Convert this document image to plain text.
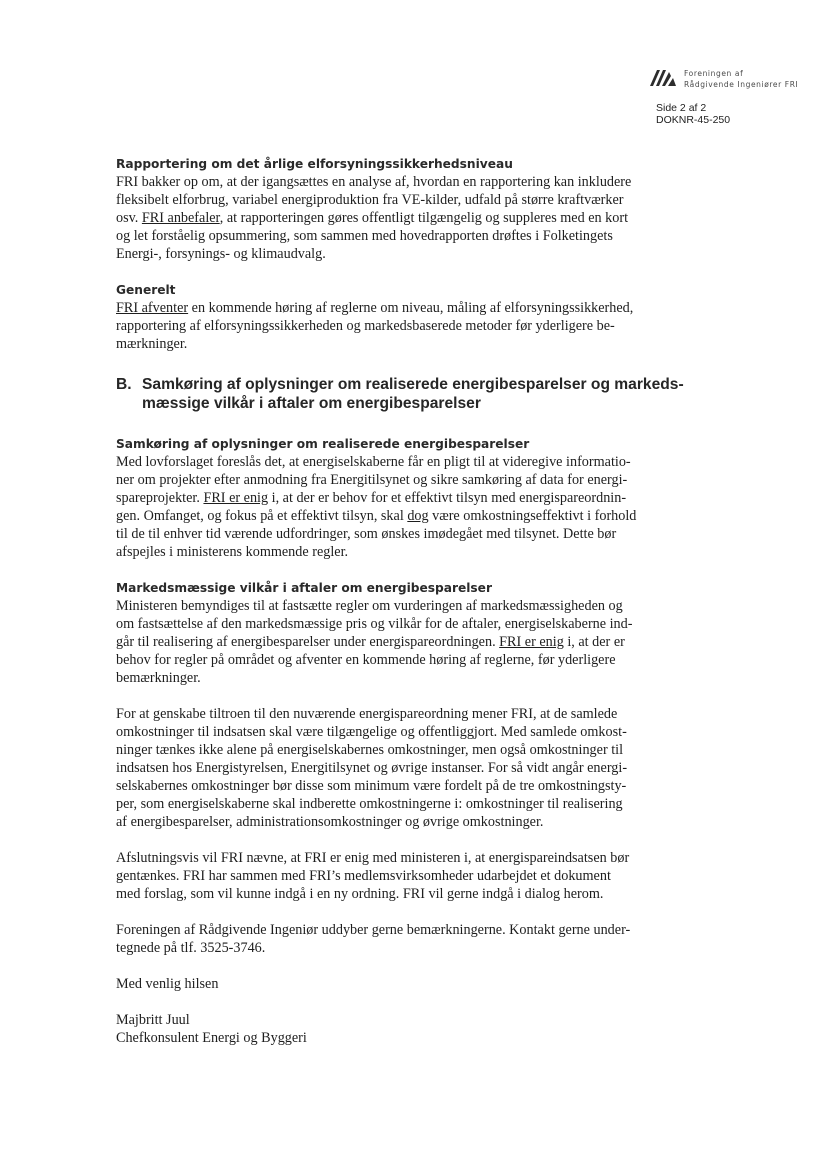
Foreningen af
Rådgivende Ingeniører FRI
Side 2 af 2
DOKNR-45-250
Rapportering om det årlige elforsyningssikkerhedsniveau

FRI bakker op om, at der igangsættes en analyse af, hvordan en rapportering kan inkludere

fleksibelt elforbrug, variabel energiproduktion fra VE-kilder, udfald på større kraftværker

osv. FRI anbefaler, at rapporteringen gøres offentligt tilgængelig og suppleres med en kort

og let forståelig opsummering, som sammen med hovedrapporten drøftes i Folketingets

Energi-, forsynings- og klimaudvalg.

Generelt

FRI afventer en kommende høring af reglerne om niveau, måling af elforsyningssikkerhed,

rapportering af elforsyningssikkerheden og markedsbaserede metoder før yderligere be-

mærkninger.

B. Samkøring af oplysninger om realiserede energibesparelser og markeds-
mæssige vilkår i aftaler om energibesparelser
Samkøring af oplysninger om realiserede energibesparelser

Med lovforslaget foreslås det, at energiselskaberne får en pligt til at videregive informatio-

ner om projekter efter anmodning fra Energitilsynet og sikre samkøring af data for energi-

spareprojekter. FRI er enig i, at der er behov for et effektivt tilsyn med energispareordnin-

gen. Omfanget, og fokus på et effektivt tilsyn, skal dog være omkostningseffektivt i forhold

til de til enhver tid værende udfordringer, som ønskes imødegået med tilsynet. Dette bør

afspejles i ministerens kommende regler.

Markedsmæssige vilkår i aftaler om energibesparelser

Ministeren bemyndiges til at fastsætte regler om vurderingen af markedsmæssigheden og

om fastsættelse af den markedsmæssige pris og vilkår for de aftaler, energiselskaberne ind-

går til realisering af energibesparelser under energispareordningen. FRI er enig i, at der er

behov for regler på området og afventer en kommende høring af reglerne, før yderligere

bemærkninger.

For at genskabe tiltroen til den nuværende energispareordning mener FRI, at de samlede

omkostninger til indsatsen skal være tilgængelige og offentliggjort. Med samlede omkost-

ninger tænkes ikke alene på energiselskabernes omkostninger, men også omkostninger til

indsatsen hos Energistyrelsen, Energitilsynet og øvrige instanser. For så vidt angår energi-

selskabernes omkostninger bør disse som minimum være fordelt på de tre omkostningsty-

per, som energiselskaberne skal indberette omkostningerne i: omkostninger til realisering

af energibesparelser, administrationsomkostninger og øvrige omkostninger.

Afslutningsvis vil FRI nævne, at FRI er enig med ministeren i, at energispareindsatsen bør

gentænkes. FRI har sammen med FRI’s medlemsvirksomheder udarbejdet et dokument

med forslag, som vil kunne indgå i en ny ordning. FRI vil gerne indgå i dialog herom.

Foreningen af Rådgivende Ingeniør uddyber gerne bemærkningerne. Kontakt gerne under-

tegnede på tlf. 3525-3746.

Med venlig hilsen

Majbritt Juul

Chefkonsulent Energi og Byggeri
